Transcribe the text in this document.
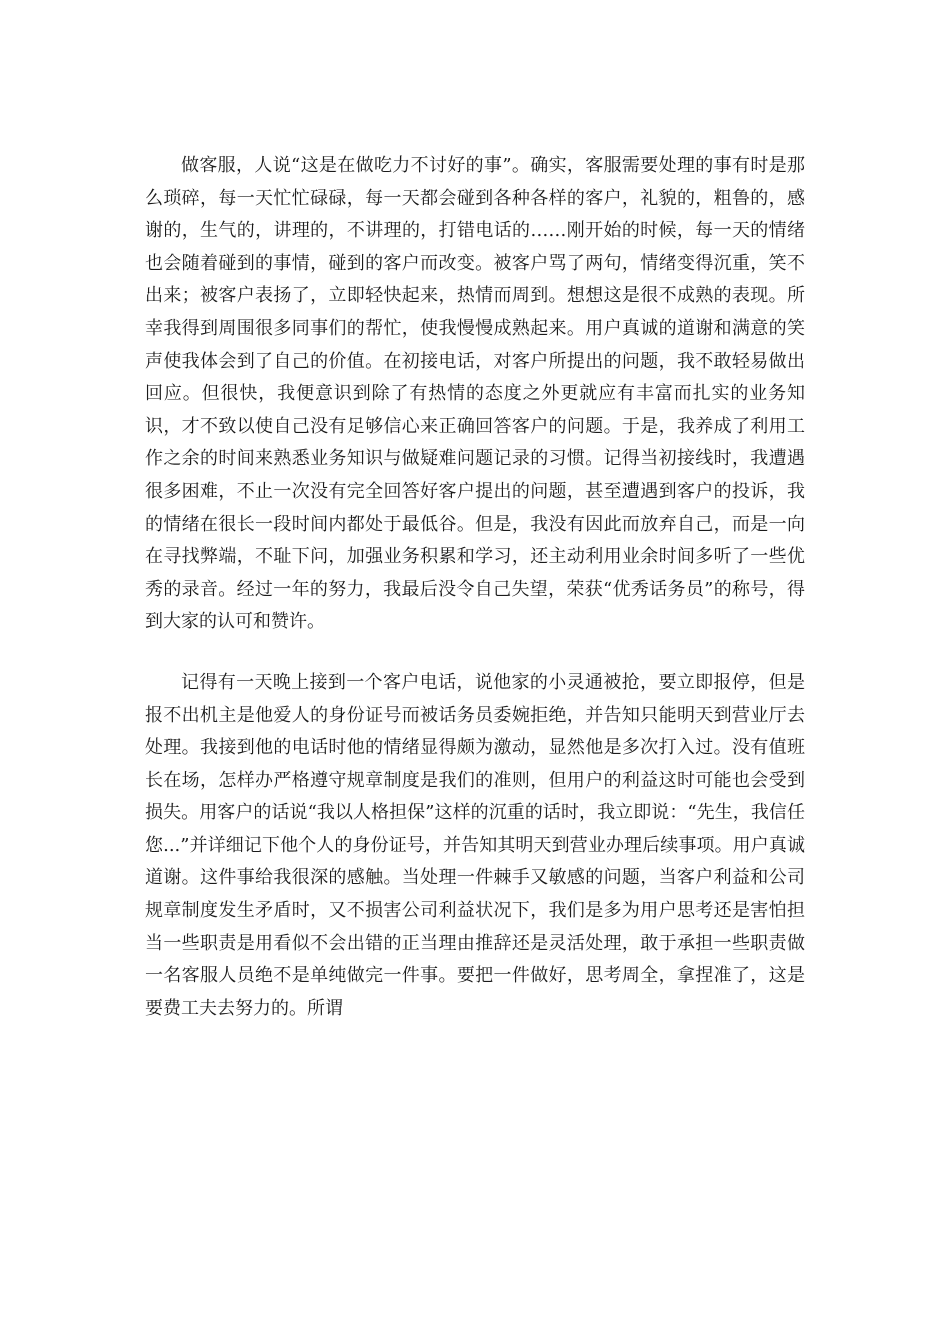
做客服，人说“这是在做吃力不讨好的事”。确实，客服需要处理的事有时是那么琐碎，每一天忙忙碌碌，每一天都会碰到各种各样的客户，礼貌的，粗鲁的，感谢的，生气的，讲理的，不讲理的，打错电话的……刚开始的时候，每一天的情绪也会随着碰到的事情，碰到的客户而改变。被客户骂了两句，情绪变得沉重，笑不出来；被客户表扬了，立即轻快起来，热情而周到。想想这是很不成熟的表现。所幸我得到周围很多同事们的帮忙，使我慢慢成熟起来。用户真诚的道谢和满意的笑声使我体会到了自己的价值。在初接电话，对客户所提出的问题，我不敢轻易做出回应。但很快，我便意识到除了有热情的态度之外更就应有丰富而扎实的业务知识，才不致以使自己没有足够信心来正确回答客户的问题。于是，我养成了利用工作之余的时间来熟悉业务知识与做疑难问题记录的习惯。记得当初接线时，我遭遇很多困难，不止一次没有完全回答好客户提出的问题，甚至遭遇到客户的投诉，我的情绪在很长一段时间内都处于最低谷。但是，我没有因此而放弃自己，而是一向在寻找弊端，不耻下问，加强业务积累和学习，还主动利用业余时间多听了一些优秀的录音。经过一年的努力，我最后没令自己失望，荣获“优秀话务员”的称号，得到大家的认可和赞许。

记得有一天晚上接到一个客户电话，说他家的小灵通被抢，要立即报停，但是报不出机主是他爱人的身份证号而被话务员委婉拒绝，并告知只能明天到营业厅去处理。我接到他的电话时他的情绪显得颇为激动，显然他是多次打入过。没有值班长在场，怎样办严格遵守规章制度是我们的准则，但用户的利益这时可能也会受到损失。用客户的话说“我以人格担保”这样的沉重的话时，我立即说：“先生，我信任您...”并详细记下他个人的身份证号，并告知其明天到营业办理后续事项。用户真诚道谢。这件事给我很深的感触。当处理一件棘手又敏感的问题，当客户利益和公司规章制度发生矛盾时，又不损害公司利益状况下，我们是多为用户思考还是害怕担当一些职责是用看似不会出错的正当理由推辞还是灵活处理，敢于承担一些职责做一名客服人员绝不是单纯做完一件事。要把一件做好，思考周全，拿捏准了，这是要费工夫去努力的。所谓
